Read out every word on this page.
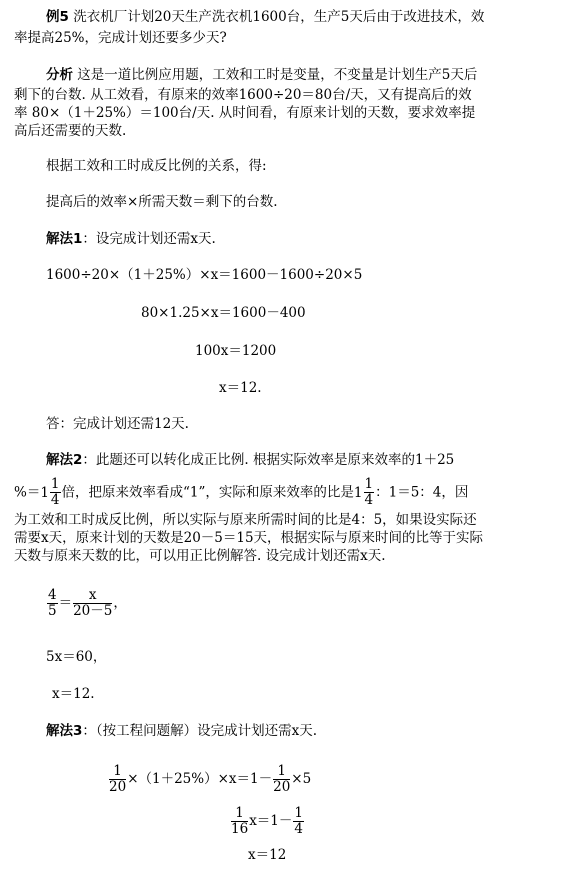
例5 洗衣机厂计划20天生产洗衣机1600台，生产5天后由于改进技术，效
率提高25%，完成计划还要多少天?
分析 这是一道比例应用题，工效和工时是变量，不变量是计划生产5天后
剩下的台数. 从工效看，有原来的效率1600÷20＝80台/天，又有提高后的效
率 80×（1＋25%）＝100台/天. 从时间看，有原来计划的天数，要求效率提
高后还需要的天数.
根据工效和工时成反比例的关系，得:
提高后的效率×所需天数＝剩下的台数.
解法1：设完成计划还需x天.
1600÷20×（1＋25%）×x＝1600－1600÷20×5
80×1.25×x＝1600－400
100x＝1200
x＝12.
答：完成计划还需12天.
解法2：此题还可以转化成正比例. 根据实际效率是原来效率的1＋25
%＝ $1 \frac{1}{4}$ 倍，把原来效率看成“1”，实际和原来效率的比是 $1 \frac{1}{4}$ ：1＝5：4，因
为工效和工时成反比例，所以实际与原来所需时间的比是4：5，如果设实际还
需要x天，原来计划的天数是20－5＝15天，根据实际与原来时间的比等于实际
天数与原来天数的比，可以用正比例解答. 设完成计划还需x天.
$\frac{4}{5} = \frac{x}{20-5}$ ，
5x＝60，
x＝12.
解法3：（按工程问题解）设完成计划还需x天.
$\frac{1}{20} \times(1+25\%)\times x=1- \frac{1}{20} \times 5$
$\frac{1}{16} x=1- \frac{1}{4}$
x＝12
